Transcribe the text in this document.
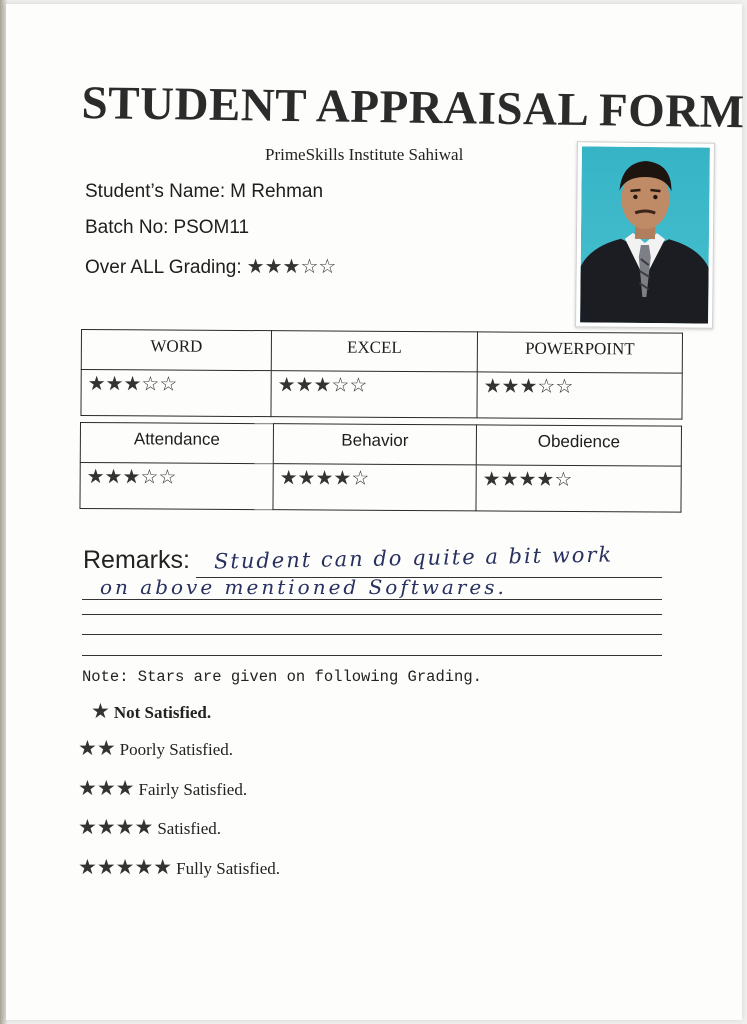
STUDENT APPRAISAL FORM
PrimeSkills Institute Sahiwal
Student’s Name: M Rehman
Batch No: PSOM11
Over ALL Grading: ★★★☆☆
WORD	EXCEL	POWERPOINT
★★★☆☆	★★★☆☆	★★★☆☆
Attendance	Behavior	Obedience
★★★☆☆	★★★★☆	★★★★☆
Remarks: Student can do quite a bit work
on above mentioned Softwares.
Note: Stars are given on following Grading.
★ Not Satisfied.
★★ Poorly Satisfied.
★★★ Fairly Satisfied.
★★★★ Satisfied.
★★★★★ Fully Satisfied.
